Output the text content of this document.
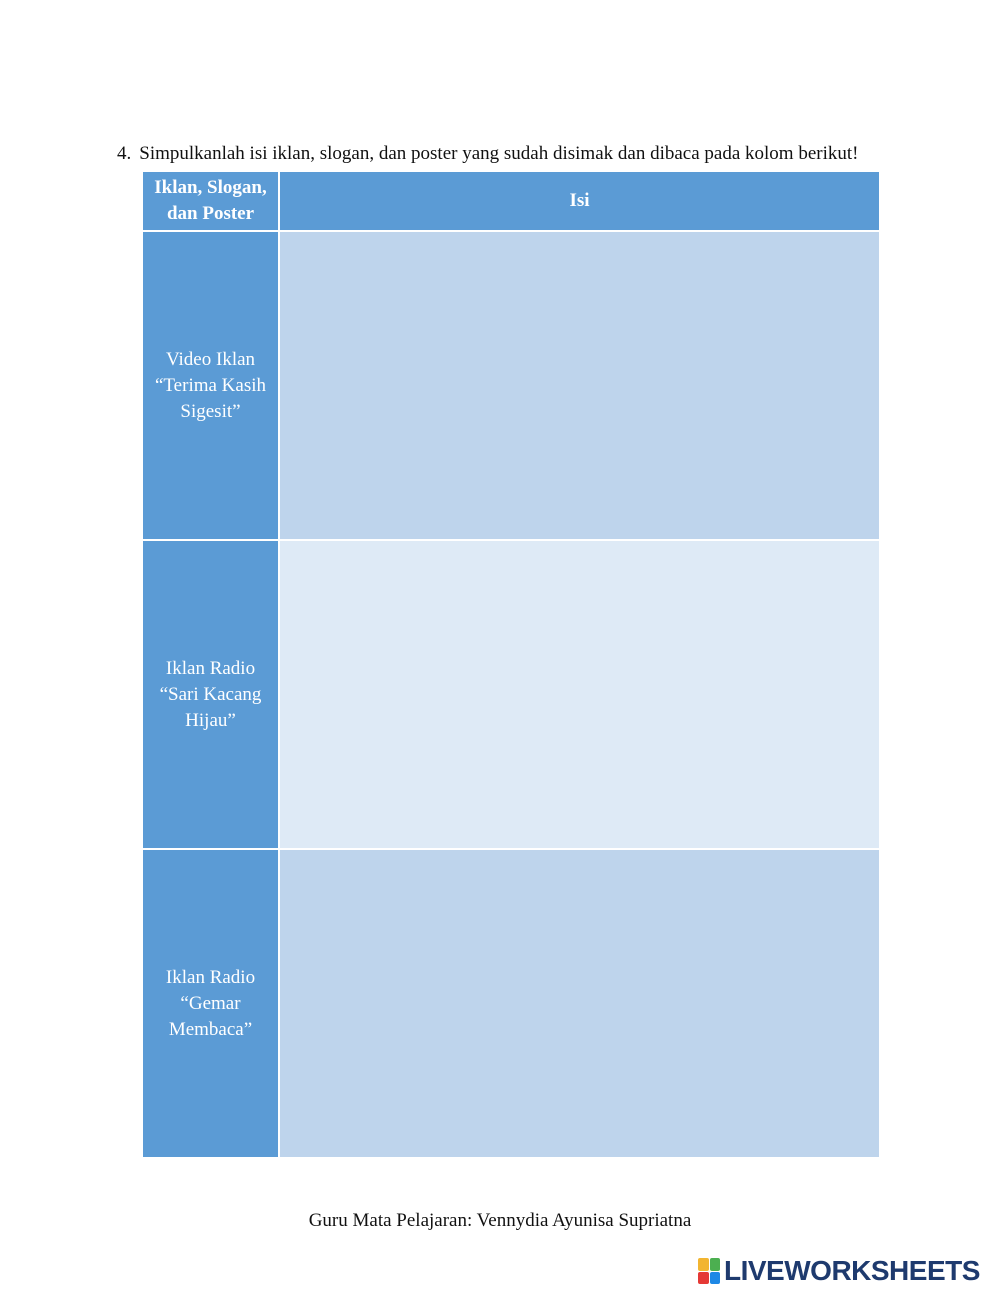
4. Simpulkanlah isi iklan, slogan, dan poster yang sudah disimak dan dibaca pada kolom berikut!
Iklan, Slogan,
dan Poster	Isi

Video Iklan
“Terima Kasih
Sigesit”	

Iklan Radio
“Sari Kacang
Hijau”	

Iklan Radio
“Gemar
Membaca”	

Guru Mata Pelajaran: Vennydia Ayunisa Supriatna
LIVEWORKSHEETS
